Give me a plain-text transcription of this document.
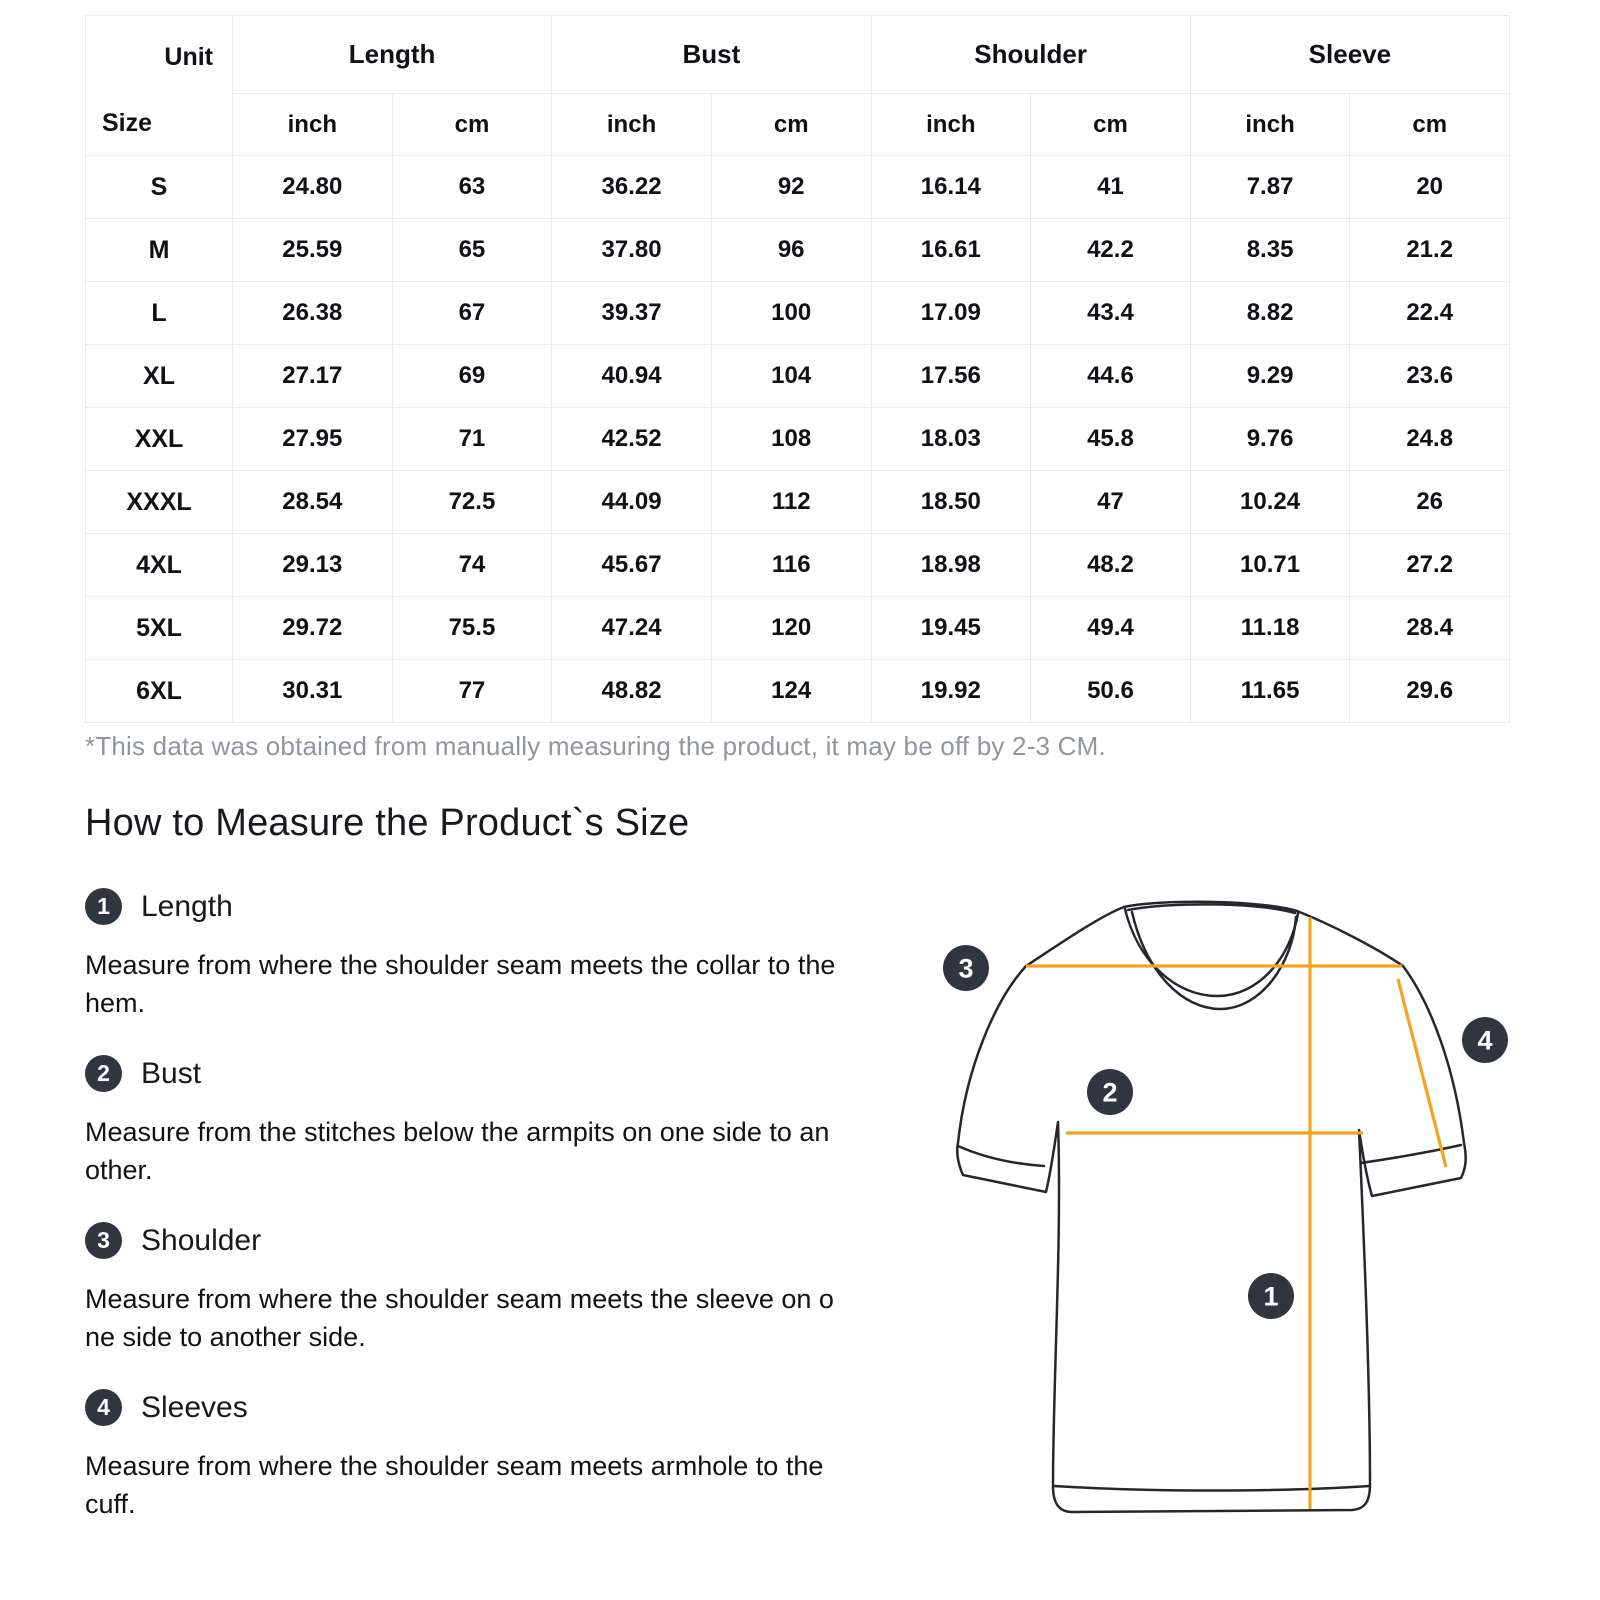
Unit
Size	Length		Bust		Shoulder		Sleeve	
	inch	cm	inch	cm	inch	cm	inch	cm
S	24.80	63	36.22	92	16.14	41	7.87	20
M	25.59	65	37.80	96	16.61	42.2	8.35	21.2
L	26.38	67	39.37	100	17.09	43.4	8.82	22.4
XL	27.17	69	40.94	104	17.56	44.6	9.29	23.6
XXL	27.95	71	42.52	108	18.03	45.8	9.76	24.8
XXXL	28.54	72.5	44.09	112	18.50	47	10.24	26
4XL	29.13	74	45.67	116	18.98	48.2	10.71	27.2
5XL	29.72	75.5	47.24	120	19.45	49.4	11.18	28.4
6XL	30.31	77	48.82	124	19.92	50.6	11.65	29.6
*This data was obtained from manually measuring the product, it may be off by 2-3 CM.
How to Measure the Product`s Size
1	Length

Measure from where the shoulder seam meets the collar to the hem.

2	Bust

Measure from the stitches below the armpits on one side to an other.

3	Shoulder

Measure from where the shoulder seam meets the sleeve on o ne side to another side.

4	Sleeves

Measure from where the shoulder seam meets armhole to the cuff.

3
4
2
1
